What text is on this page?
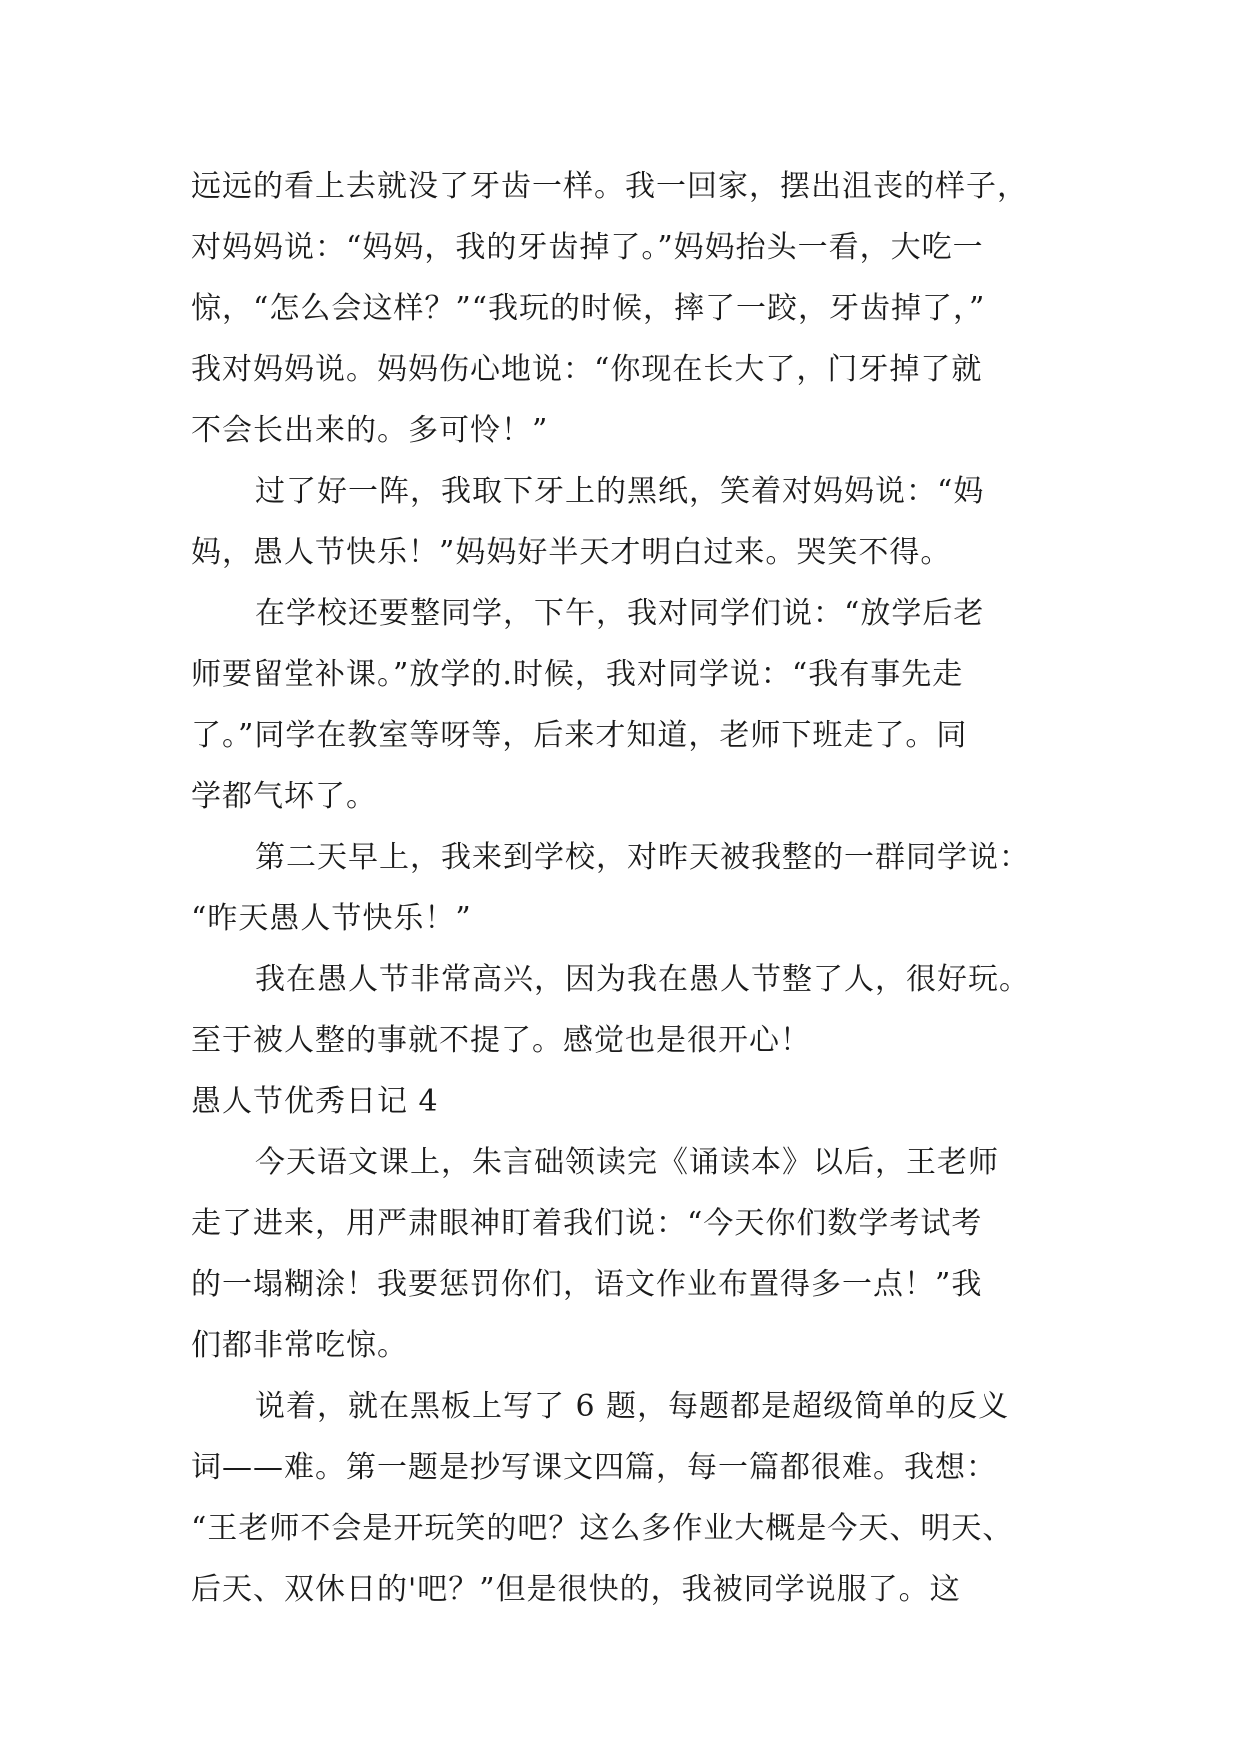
远远的看上去就没了牙齿一样。我一回家，摆出沮丧的样子，
对妈妈说：“妈妈，我的牙齿掉了。”妈妈抬头一看，大吃一
惊，“怎么会这样？”“我玩的时候，摔了一跤，牙齿掉了，”
我对妈妈说。妈妈伤心地说：“你现在长大了，门牙掉了就
不会长出来的。多可怜！”
过了好一阵，我取下牙上的黑纸，笑着对妈妈说：“妈
妈，愚人节快乐！”妈妈好半天才明白过来。哭笑不得。
在学校还要整同学，下午，我对同学们说：“放学后老
师要留堂补课。”放学的.时候，我对同学说：“我有事先走
了。”同学在教室等呀等，后来才知道，老师下班走了。同
学都气坏了。
第二天早上，我来到学校，对昨天被我整的一群同学说：
“昨天愚人节快乐！”
我在愚人节非常高兴，因为我在愚人节整了人，很好玩。
至于被人整的事就不提了。感觉也是很开心！
愚人节优秀日记 4
今天语文课上，朱言础领读完《诵读本》以后，王老师
走了进来，用严肃眼神盯着我们说：“今天你们数学考试考
的一塌糊涂！我要惩罚你们，语文作业布置得多一点！”我
们都非常吃惊。
说着，就在黑板上写了 6 题，每题都是超级简单的反义
词——难。第一题是抄写课文四篇，每一篇都很难。我想：
“王老师不会是开玩笑的吧？这么多作业大概是今天、明天、
后天、双休日的'吧？”但是很快的，我被同学说服了。这
